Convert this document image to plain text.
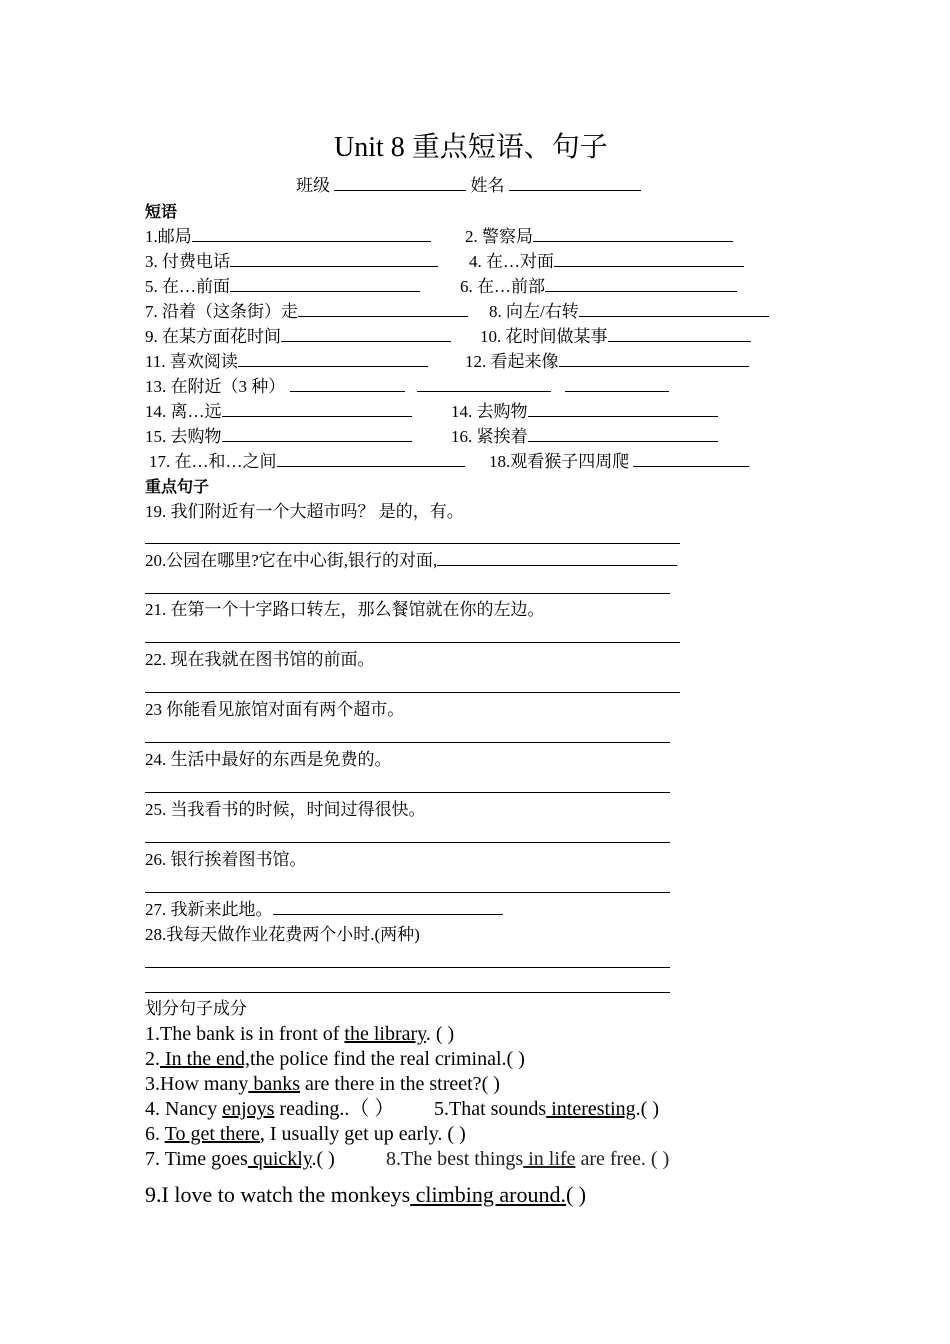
Unit 8 重点短语、句子
班级	姓名
短语
1.邮局	2. 警察局
3. 付费电话	4. 在…对面
5. 在…前面	6. 在…前部
7. 沿着（这条街）走	8. 向左/右转
9. 在某方面花时间	10. 花时间做某事
11. 喜欢阅读	12. 看起来像
13. 在附近（3 种）
14. 离…远	14. 去购物
15. 去购物	16. 紧挨着
17. 在…和…之间	18.观看猴子四周爬
重点句子
19. 我们附近有一个大超市吗？ 是的，有。
20.公园在哪里?它在中心街,银行的对面,
21. 在第一个十字路口转左，那么餐馆就在你的左边。
22. 现在我就在图书馆的前面。
23 你能看见旅馆对面有两个超市。
24. 生活中最好的东西是免费的。
25. 当我看书的时候，时间过得很快。
26. 银行挨着图书馆。
27. 我新来此地。
28.我每天做作业花费两个小时.(两种)
划分句子成分
1.The bank is in front of the library. ( )
2. In the end,the police find the real criminal.( )
3.How many banks are there in the street?( )
4. Nancy enjoys reading..（ ） 5.That sounds interesting.( )
6. To get there, I usually get up early. ( )
7. Time goes quickly.( )	8.The best things in life are free. ( )
9.I love to watch the monkeys climbing around.( )
